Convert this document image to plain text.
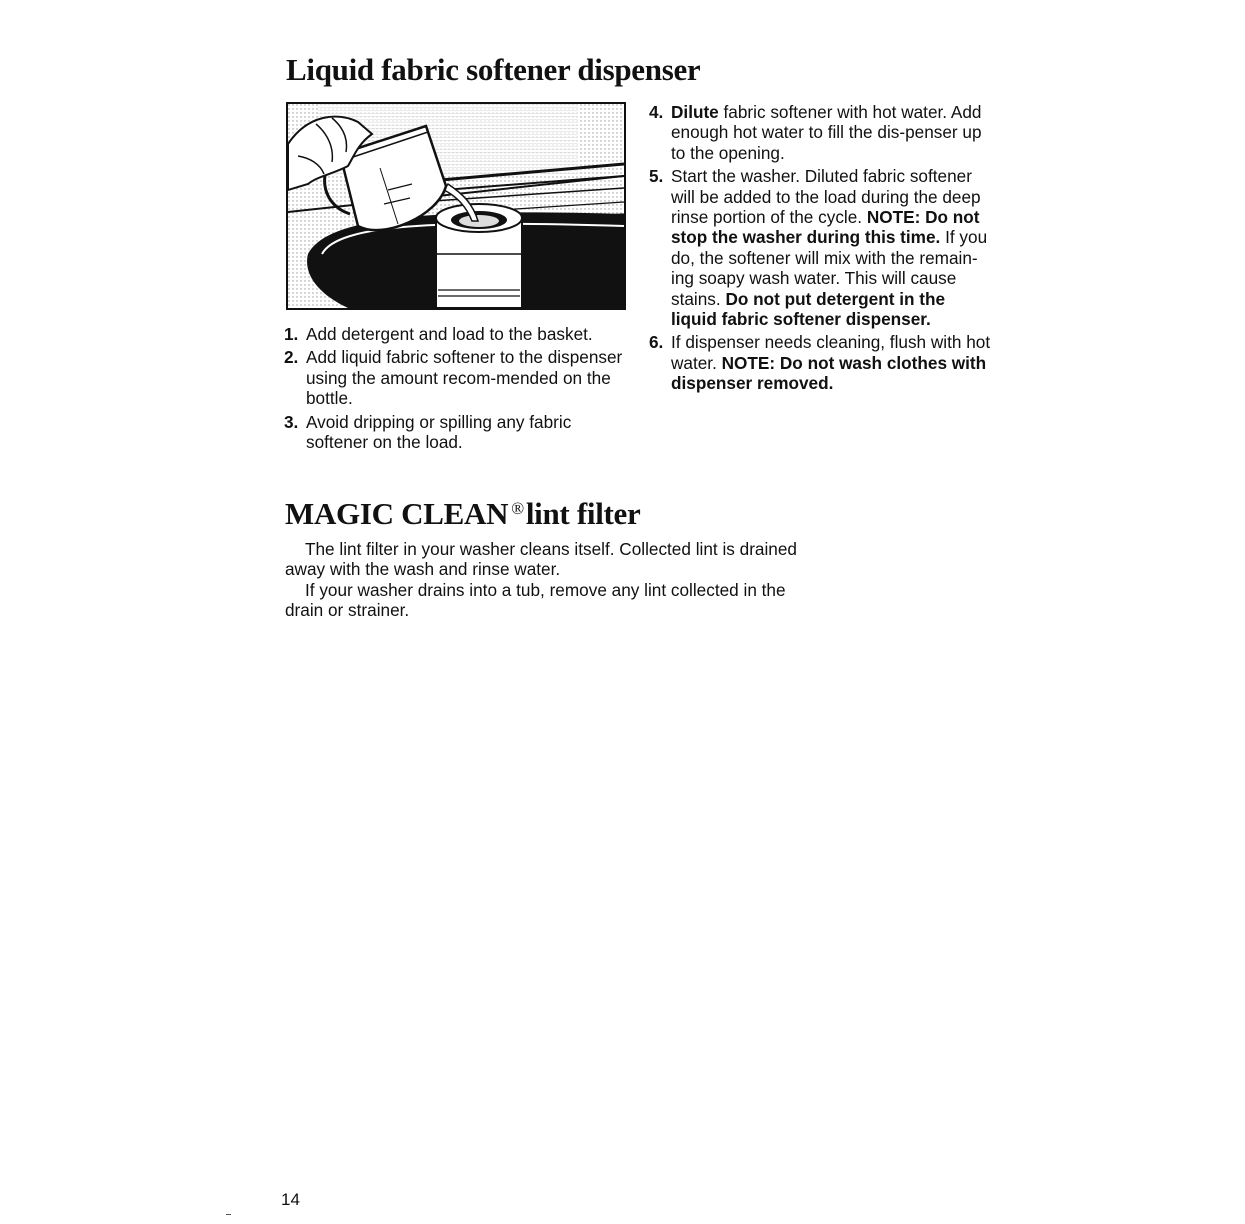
Liquid fabric softener dispenser
1. Add detergent and load to the basket.
2. Add liquid fabric softener to the dispenser using the amount recom-mended on the bottle.
3. Avoid dripping or spilling any fabric softener on the load.
4. Dilute fabric softener with hot water. Add enough hot water to fill the dis-penser up to the opening.
5. Start the washer. Diluted fabric softener will be added to the load during the deep rinse portion of the cycle. NOTE: Do not stop the washer during this time. If you do, the softener will mix with the remain-ing soapy wash water. This will cause stains. Do not put detergent in the liquid fabric softener dispenser.
6. If dispenser needs cleaning, flush with hot water. NOTE: Do not wash clothes with dispenser removed.
MAGIC CLEAN ®lint filter

The lint filter in your washer cleans itself. Collected lint is drained away with the wash and rinse water.

If your washer drains into a tub, remove any lint collected in the drain or strainer.

14
